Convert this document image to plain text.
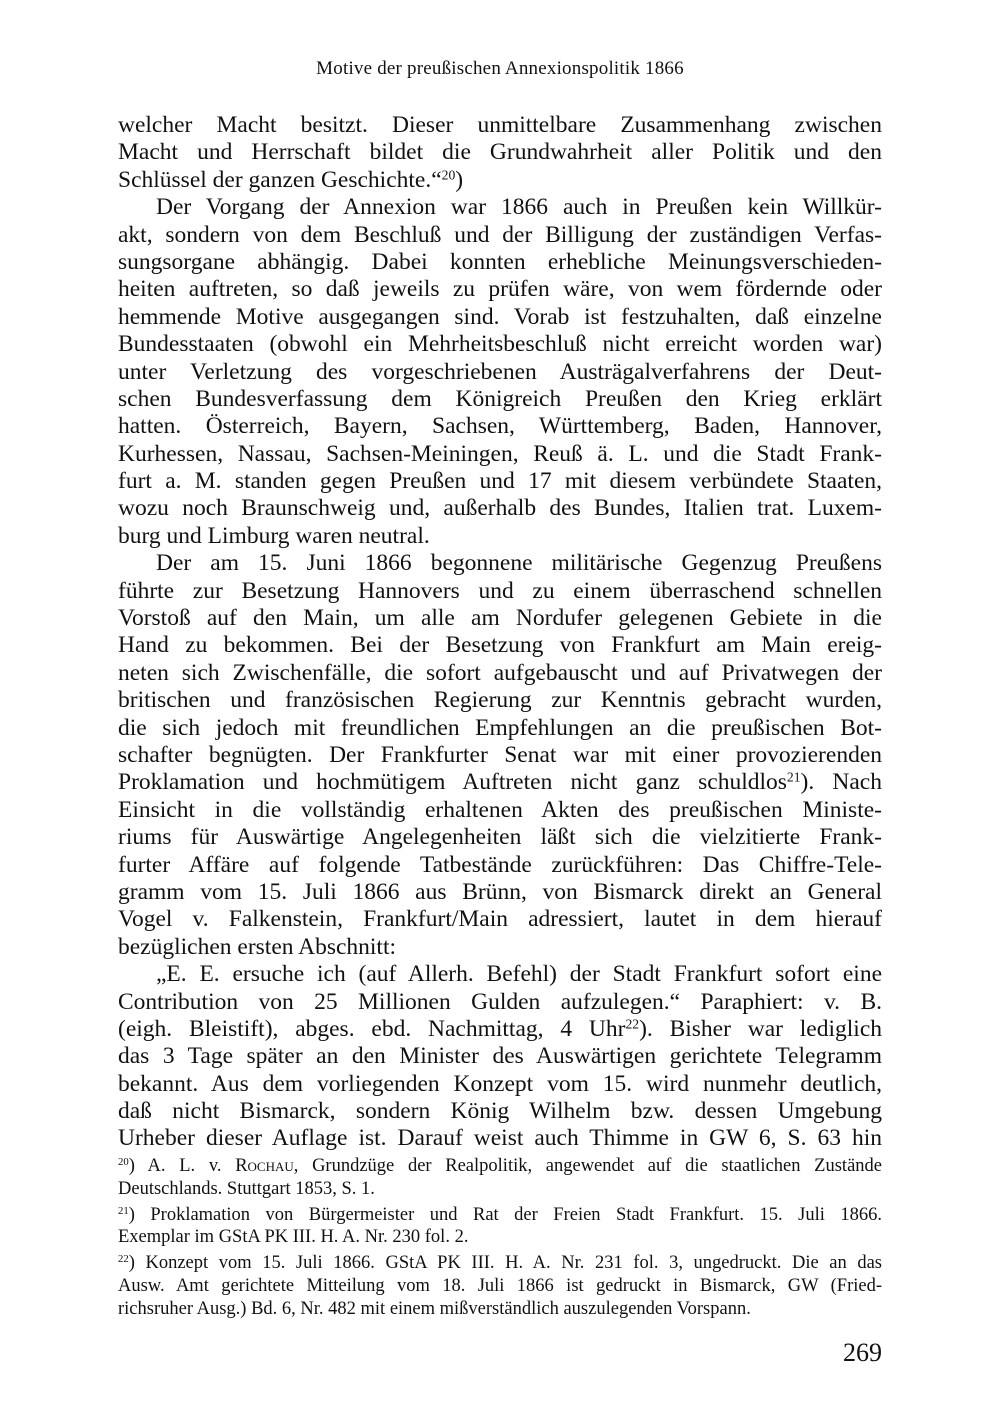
Motive der preußischen Annexionspolitik 1866
welcher Macht besitzt. Dieser unmittelbare Zusammenhang zwischen
Macht und Herrschaft bildet die Grundwahrheit aller Politik und den
Schlüssel der ganzen Geschichte.“$^{20}$)
Der Vorgang der Annexion war 1866 auch in Preußen kein Willkür-
akt, sondern von dem Beschluß und der Billigung der zuständigen Verfas-
sungsorgane abhängig. Dabei konnten erhebliche Meinungsverschieden-
heiten auftreten, so daß jeweils zu prüfen wäre, von wem fördernde oder
hemmende Motive ausgegangen sind. Vorab ist festzuhalten, daß einzelne
Bundesstaaten (obwohl ein Mehrheitsbeschluß nicht erreicht worden war)
unter Verletzung des vorgeschriebenen Austrägalverfahrens der Deut-
schen Bundesverfassung dem Königreich Preußen den Krieg erklärt
hatten. Österreich, Bayern, Sachsen, Württemberg, Baden, Hannover,
Kurhessen, Nassau, Sachsen-Meiningen, Reuß ä. L. und die Stadt Frank-
furt a. M. standen gegen Preußen und 17 mit diesem verbündete Staaten,
wozu noch Braunschweig und, außerhalb des Bundes, Italien trat. Luxem-
burg und Limburg waren neutral.
Der am 15. Juni 1866 begonnene militärische Gegenzug Preußens
führte zur Besetzung Hannovers und zu einem überraschend schnellen
Vorstoß auf den Main, um alle am Nordufer gelegenen Gebiete in die
Hand zu bekommen. Bei der Besetzung von Frankfurt am Main ereig-
neten sich Zwischenfälle, die sofort aufgebauscht und auf Privatwegen der
britischen und französischen Regierung zur Kenntnis gebracht wurden,
die sich jedoch mit freundlichen Empfehlungen an die preußischen Bot-
schafter begnügten. Der Frankfurter Senat war mit einer provozierenden
Proklamation und hochmütigem Auftreten nicht ganz schuldlos$^{21}$). Nach
Einsicht in die vollständig erhaltenen Akten des preußischen Ministe-
riums für Auswärtige Angelegenheiten läßt sich die vielzitierte Frank-
furter Affäre auf folgende Tatbestände zurückführen: Das Chiffre-Tele-
gramm vom 15. Juli 1866 aus Brünn, von Bismarck direkt an General
Vogel v. Falkenstein, Frankfurt/Main adressiert, lautet in dem hierauf
bezüglichen ersten Abschnitt:
„E. E. ersuche ich (auf Allerh. Befehl) der Stadt Frankfurt sofort eine
Contribution von 25 Millionen Gulden aufzulegen.“ Paraphiert: v. B.
(eigh. Bleistift), abges. ebd. Nachmittag, 4 Uhr$^{22}$). Bisher war lediglich
das 3 Tage später an den Minister des Auswärtigen gerichtete Telegramm
bekannt. Aus dem vorliegenden Konzept vom 15. wird nunmehr deutlich,
daß nicht Bismarck, sondern König Wilhelm bzw. dessen Umgebung
Urheber dieser Auflage ist. Darauf weist auch Thimme in GW 6, S. 63 hin
$^{20}$) A. L. v. Rochau, Grundzüge der Realpolitik, angewendet auf die staatlichen Zustände
Deutschlands. Stuttgart 1853, S. 1.
$^{21}$) Proklamation von Bürgermeister und Rat der Freien Stadt Frankfurt. 15. Juli 1866.
Exemplar im GStA PK III. H. A. Nr. 230 fol. 2.
$^{22}$) Konzept vom 15. Juli 1866. GStA PK III. H. A. Nr. 231 fol. 3, ungedruckt. Die an das
Ausw. Amt gerichtete Mitteilung vom 18. Juli 1866 ist gedruckt in Bismarck, GW (Fried-
richsruher Ausg.) Bd. 6, Nr. 482 mit einem mißverständlich auszulegenden Vorspann.
269
